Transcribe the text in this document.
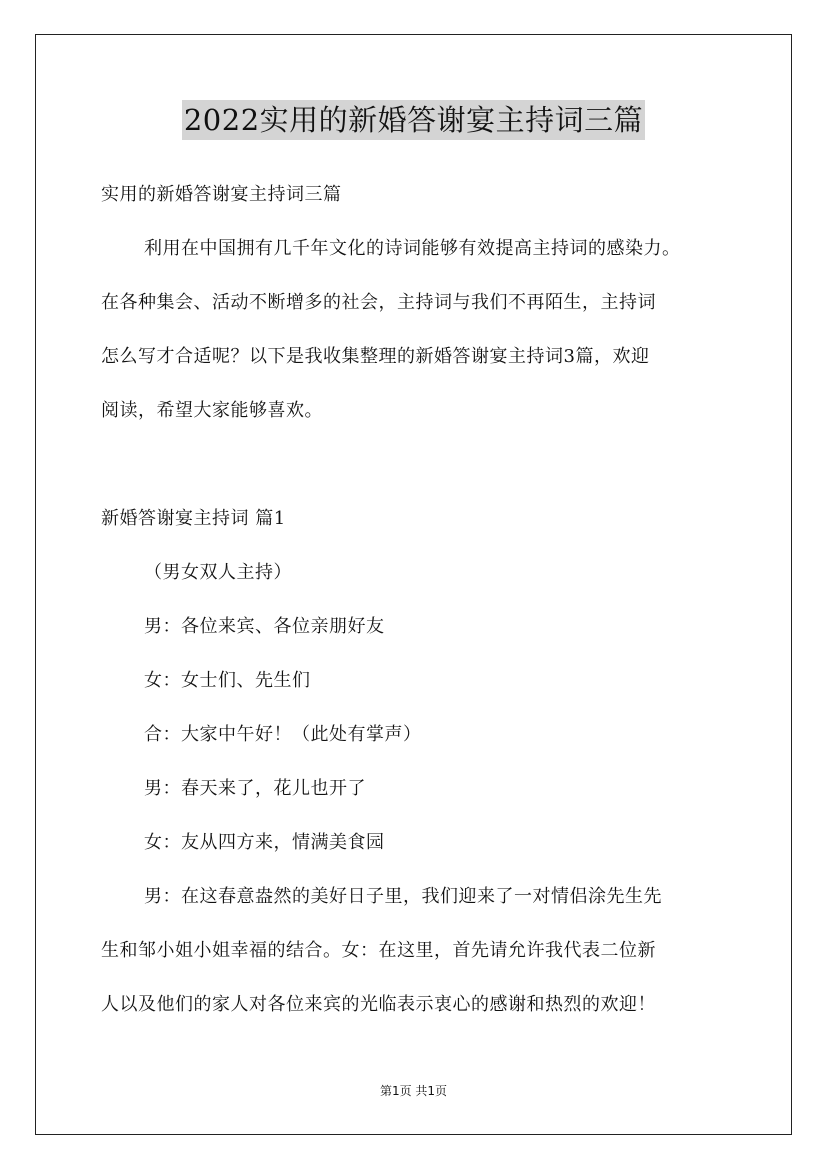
2022实用的新婚答谢宴主持词三篇
实用的新婚答谢宴主持词三篇
利用在中国拥有几千年文化的诗词能够有效提高主持词的感染力。
在各种集会、活动不断增多的社会，主持词与我们不再陌生，主持词
怎么写才合适呢？以下是我收集整理的新婚答谢宴主持词3篇，欢迎
阅读，希望大家能够喜欢。
新婚答谢宴主持词 篇1
（男女双人主持）
男：各位来宾、各位亲朋好友
女：女士们、先生们
合：大家中午好！（此处有掌声）
男：春天来了，花儿也开了
女：友从四方来，情满美食园
男：在这春意盎然的美好日子里，我们迎来了一对情侣涂先生先
生和邹小姐小姐幸福的结合。女：在这里，首先请允许我代表二位新
人以及他们的家人对各位来宾的光临表示衷心的感谢和热烈的欢迎！
第1页 共1页
